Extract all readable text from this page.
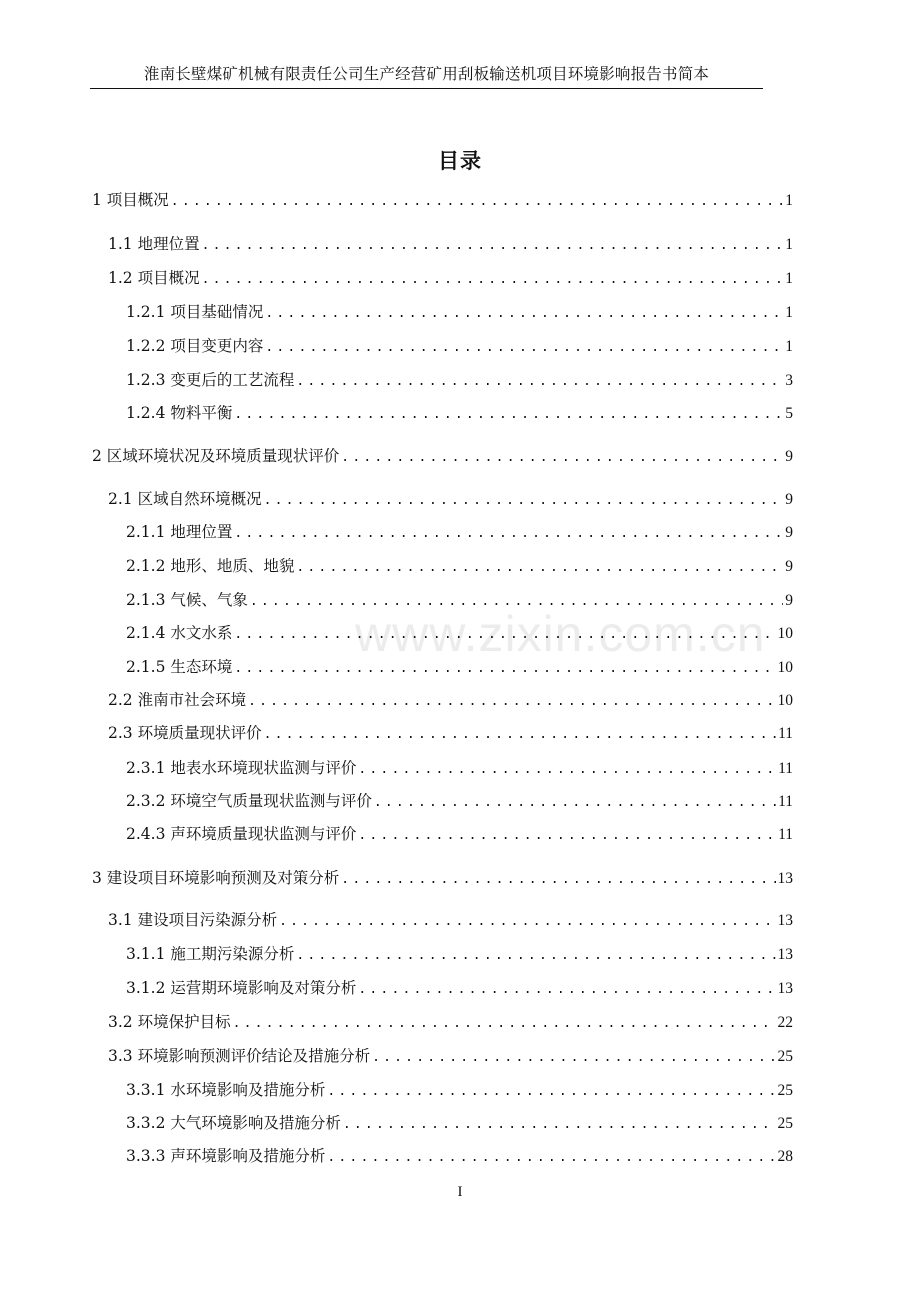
淮南长壁煤矿机械有限责任公司生产经营矿用刮板输送机项目环境影响报告书简本
目录
www.zixin.com.cn
1 项目概况 .....	1
1.1 地理位置 .....	1
1.2 项目概况 .....	1
1.2.1 项目基础情况 .....	1
1.2.2 项目变更内容 .....	1
1.2.3 变更后的工艺流程 .....	3
1.2.4 物料平衡 .....	5
2 区域环境状况及环境质量现状评价 .....	9
2.1 区域自然环境概况 .....	9
2.1.1 地理位置 .....	9
2.1.2 地形、地质、地貌 .....	9
2.1.3 气候、气象 .....	9
2.1.4 水文水系 .....	10
2.1.5 生态环境 .....	10
2.2 淮南市社会环境 .....	10
2.3 环境质量现状评价 .....	11
2.3.1 地表水环境现状监测与评价 .....	11
2.3.2 环境空气质量现状监测与评价 .....	11
2.4.3 声环境质量现状监测与评价 .....	11
3 建设项目环境影响预测及对策分析 .....	13
3.1 建设项目污染源分析 .....	13
3.1.1 施工期污染源分析 .....	13
3.1.2 运营期环境影响及对策分析 .....	13
3.2 环境保护目标 .....	22
3.3 环境影响预测评价结论及措施分析 .....	25
3.3.1 水环境影响及措施分析 .....	25
3.3.2 大气环境影响及措施分析 .....	25
3.3.3 声环境影响及措施分析 .....	28
I
